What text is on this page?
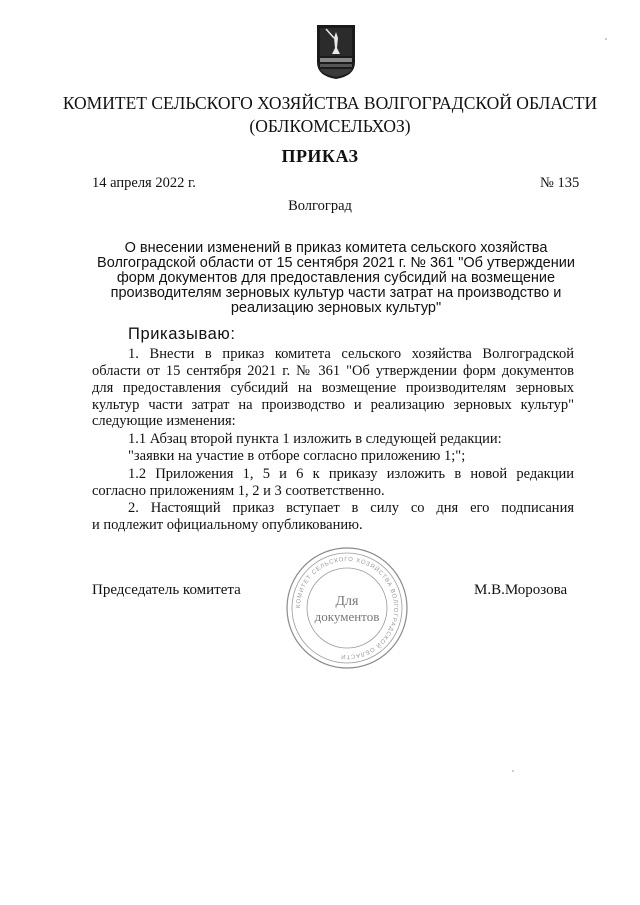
КОМИТЕТ СЕЛЬСКОГО ХОЗЯЙСТВА ВОЛГОГРАДСКОЙ ОБЛАСТИ
(ОБЛКОМСЕЛЬХОЗ)
ПРИКАЗ
14 апреля 2022 г.	№ 135
Волгоград
О внесении изменений в приказ комитета сельского хозяйства
Волгоградской области от 15 сентября 2021 г. № 361 "Об утверждении
форм документов для предоставления субсидий на возмещение
производителям зерновых культур части затрат на производство и
реализацию зерновых культур"
Приказываю:
1. Внести в приказ комитета сельского хозяйства Волгоградской
области от 15 сентября 2021 г. № 361 "Об утверждении форм документов
для предоставления субсидий на возмещение производителям зерновых
культур части затрат на производство и реализацию зерновых культур"
следующие изменения:
1.1 Абзац второй пункта 1 изложить в следующей редакции:
"заявки на участие в отборе согласно приложению 1;";
1.2 Приложения 1, 5 и 6 к приказу изложить в новой редакции
согласно приложениям 1, 2 и 3 соответственно.
2. Настоящий приказ вступает в силу со дня его подписания
и подлежит официальному опубликованию.
Председатель комитета	М.В.Морозова
КОМИТЕТ СЕЛЬСКОГО ХОЗЯЙСТВА ВОЛГОГРАДСКОЙ ОБЛАСТИ
Для
документов
